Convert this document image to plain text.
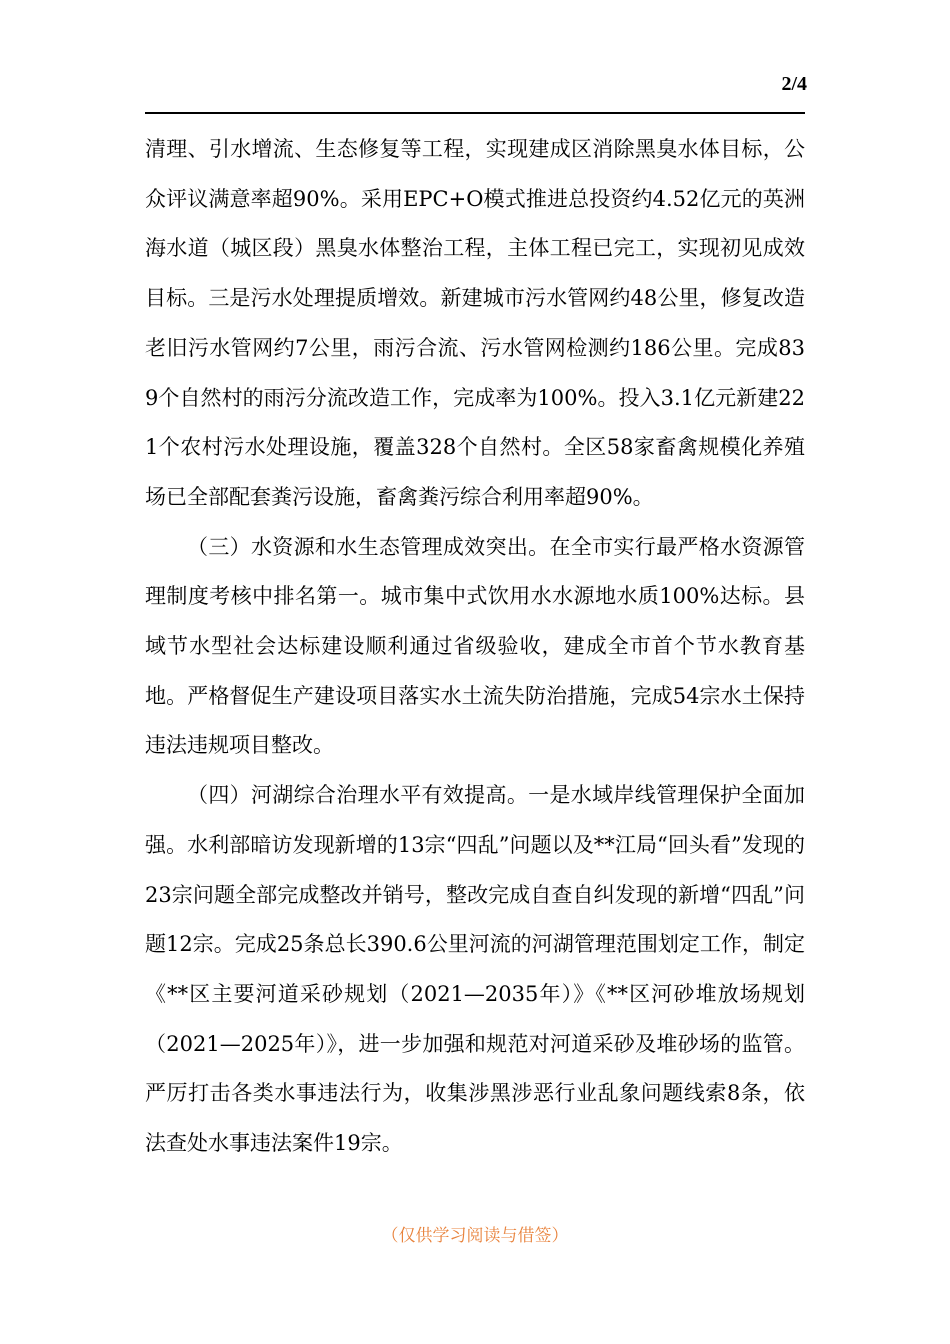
2/4

清理、引水增流、生态修复等工程，实现建成区消除黑臭水体目标，公众评议满意率超90%。采用EPC+O模式推进总投资约4.52亿元的英洲海水道（城区段）黑臭水体整治工程，主体工程已完工，实现初见成效目标。三是污水处理提质增效。新建城市污水管网约48公里，修复改造老旧污水管网约7公里，雨污合流、污水管网检测约186公里。完成839个自然村的雨污分流改造工作，完成率为100%。投入3.1亿元新建221个农村污水处理设施，覆盖328个自然村。全区58家畜禽规模化养殖场已全部配套粪污设施，畜禽粪污综合利用率超90%。

（三）水资源和水生态管理成效突出。在全市实行最严格水资源管理制度考核中排名第一。城市集中式饮用水水源地水质100%达标。县域节水型社会达标建设顺利通过省级验收，建成全市首个节水教育基地。严格督促生产建设项目落实水土流失防治措施，完成54宗水土保持违法违规项目整改。

（四）河湖综合治理水平有效提高。一是水域岸线管理保护全面加强。水利部暗访发现新增的13宗“四乱”问题以及**江局“回头看”发现的23宗问题全部完成整改并销号，整改完成自查自纠发现的新增“四乱”问题12宗。完成25条总长390.6公里河流的河湖管理范围划定工作，制定《**区主要河道采砂规划（2021—2035年）》《**区河砂堆放场规划（2021—2025年）》，进一步加强和规范对河道采砂及堆砂场的监管。严厉打击各类水事违法行为，收集涉黑涉恶行业乱象问题线索8条，依法查处水事违法案件19宗。

（仅供学习阅读与借签）
